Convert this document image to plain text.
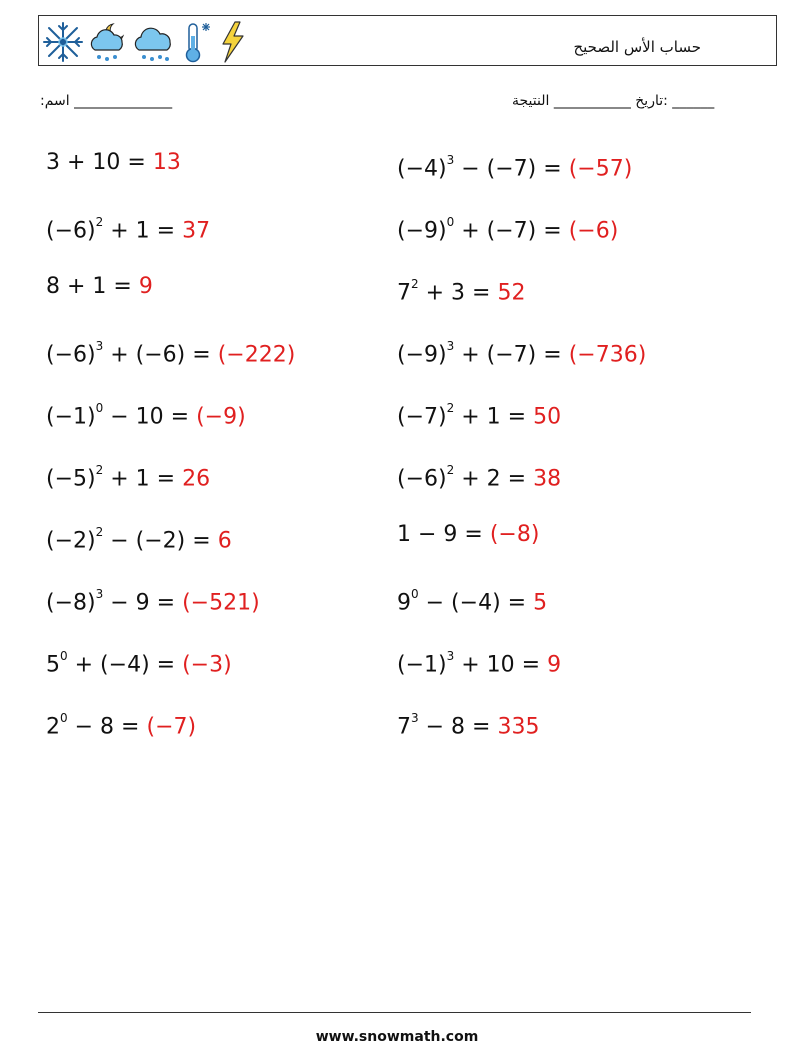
حساب الأس الصحيح
:اسم ______________	______ :تاريخ ___________ النتيجة
3 + 10 = 13
$(-6)^2 + 1 = 37$
8 + 1 = 9
$(-6)^3 + (-6) = (-222)$
$(-1)^0 - 10 = (-9)$
$(-5)^2 + 1 = 26$
$(-2)^2 - (-2) = 6$
$(-8)^3 - 9 = (-521)$
$5^0 + (-4) = (-3)$
$2^0 - 8 = (-7)$
$(-4)^3 - (-7) = (-57)$
$(-9)^0 + (-7) = (-6)$
$7^2 + 3 = 52$
$(-9)^3 + (-7) = (-736)$
$(-7)^2 + 1 = 50$
$(-6)^2 + 2 = 38$
1 − 9 = (−8)
$9^0 - (-4) = 5$
$(-1)^3 + 10 = 9$
$7^3 - 8 = 335$
www.snowmath.com
